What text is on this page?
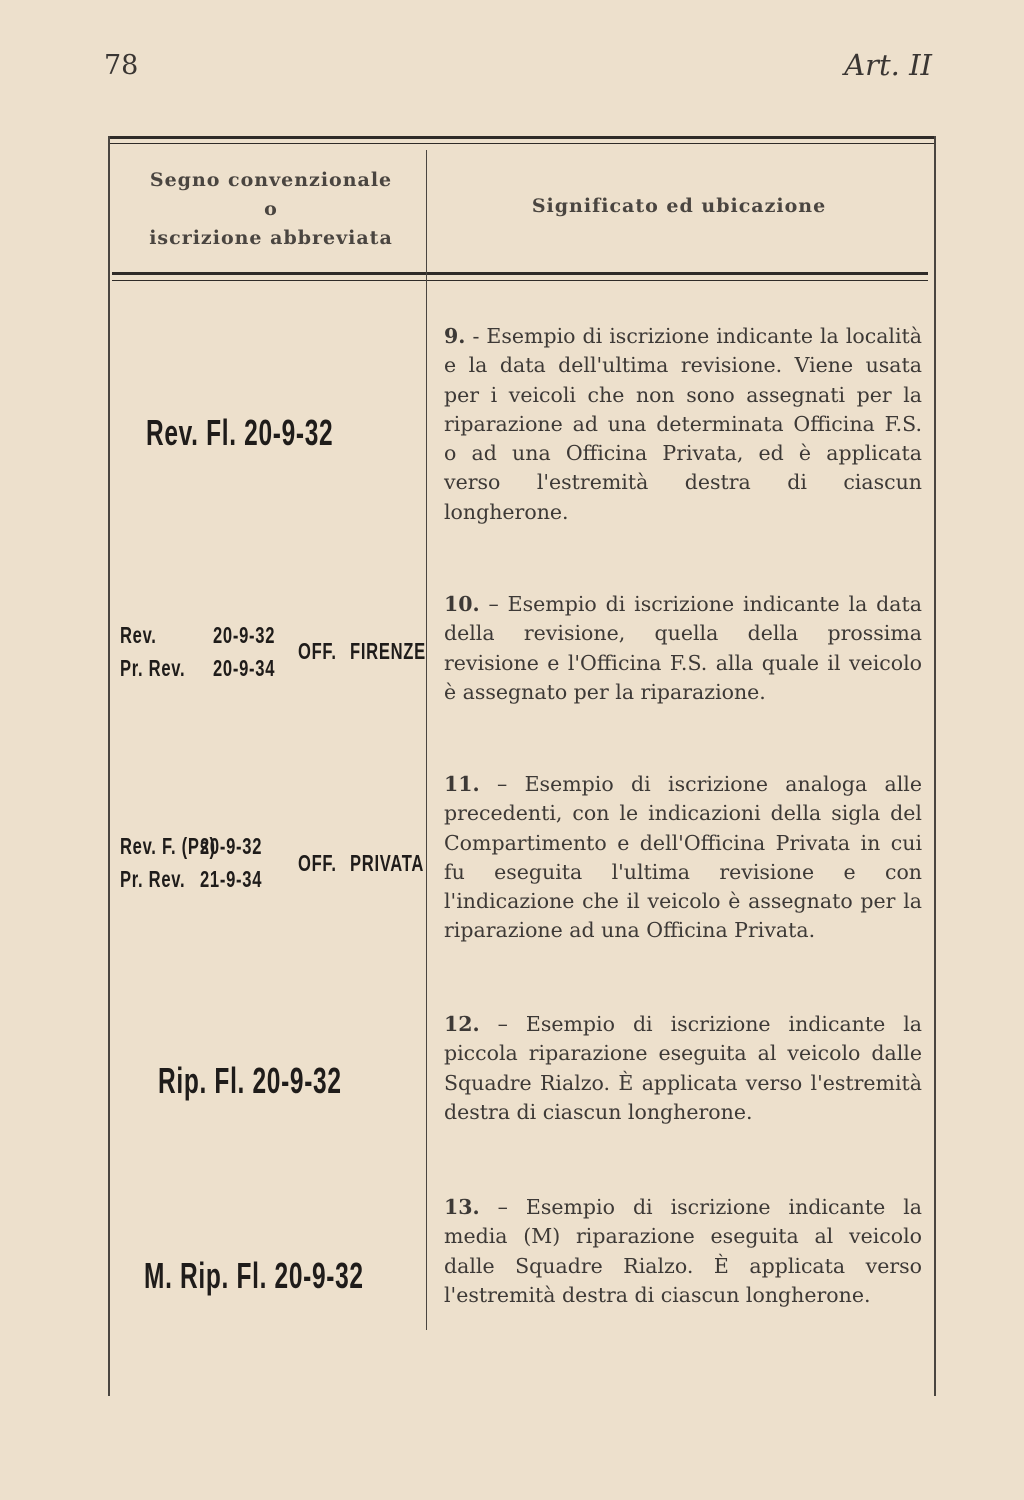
78	Art. II
Segno convenzionale
o
iscrizione abbreviata
Significato ed ubicazione
Rev. Fl. 20-9-32
9. - Esempio di iscrizione indicante la località e la data dell'ultima revisione. Viene usata per i veicoli che non sono assegnati per la riparazione ad una determinata Officina F.S. o ad una Officina Privata, ed è applicata verso l'estremità destra di ciascun longherone.
Rev. 20-9-32
Pr. Rev. 20-9-34
OFF. FIRENZE
10. – Esempio di iscrizione indicante la data della revisione, quella della prossima revisione e l'Officina F.S. alla quale il veicolo è assegnato per la riparazione.
Rev. F. (Ps)
20-9-32
Pr. Rev. 21-9-34
OFF. PRIVATA
11. – Esempio di iscrizione analoga alle precedenti, con le indicazioni della sigla del Compartimento e dell'Officina Privata in cui fu eseguita l'ultima revisione e con l'indicazione che il veicolo è assegnato per la riparazione ad una Officina Privata.
Rip. Fl. 20-9-32
12. – Esempio di iscrizione indicante la piccola riparazione eseguita al veicolo dalle Squadre Rialzo. È applicata verso l'estremità destra di ciascun longherone.
M. Rip. Fl. 20-9-32
13. – Esempio di iscrizione indicante la media (M) riparazione eseguita al veicolo dalle Squadre Rialzo. È applicata verso l'estremità destra di ciascun longherone.
